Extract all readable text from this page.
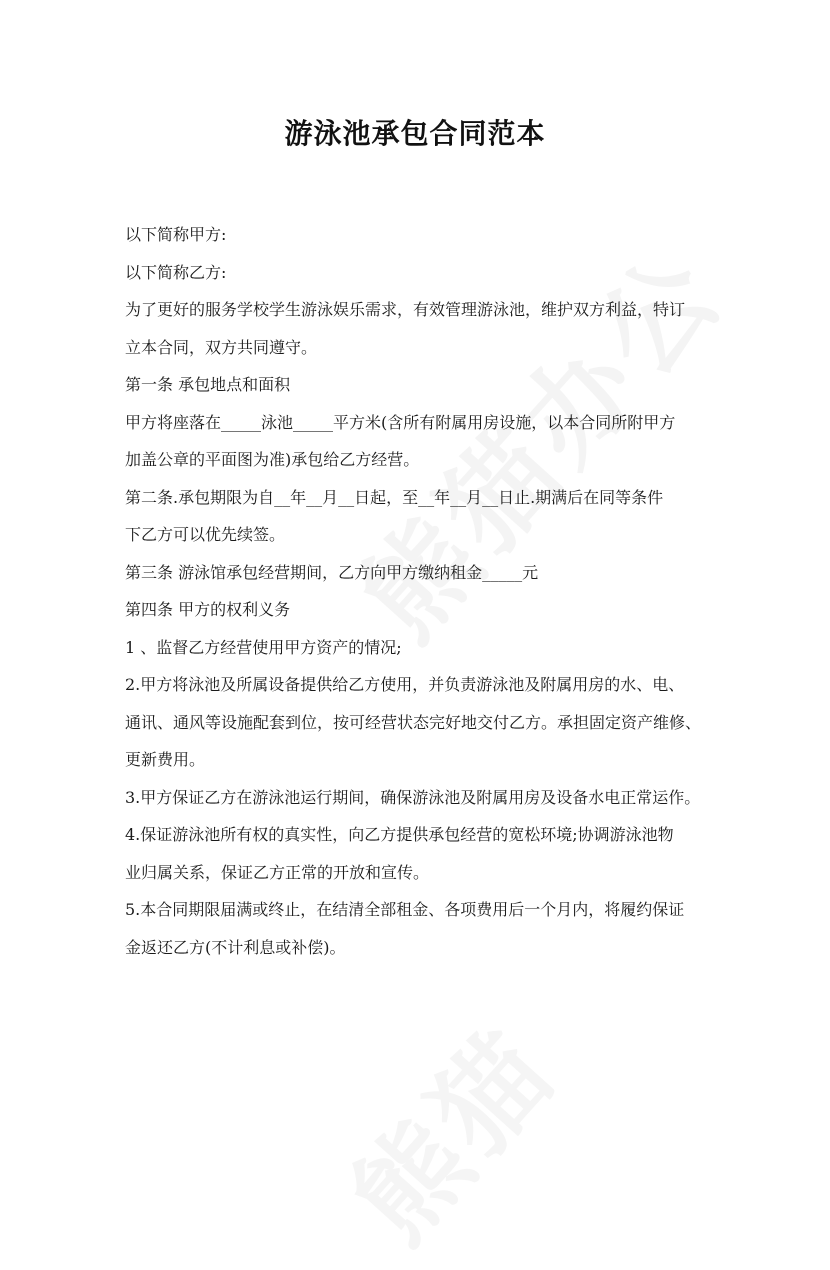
游泳池承包合同范本

以下简称甲方:

以下简称乙方:

为了更好的服务学校学生游泳娱乐需求，有效管理游泳池，维护双方利益，特订

立本合同，双方共同遵守。

第一条 承包地点和面积

甲方将座落在_____泳池_____平方米(含所有附属用房设施，以本合同所附甲方

加盖公章的平面图为准)承包给乙方经营。

第二条.承包期限为自__年__月__日起，至__年__月__日止.期满后在同等条件

下乙方可以优先续签。

第三条 游泳馆承包经营期间，乙方向甲方缴纳租金_____元

第四条 甲方的权利义务

1 、监督乙方经营使用甲方资产的情况;

2.甲方将泳池及所属设备提供给乙方使用，并负责游泳池及附属用房的水、电、

通讯、通风等设施配套到位，按可经营状态完好地交付乙方。承担固定资产维修、

更新费用。

3.甲方保证乙方在游泳池运行期间，确保游泳池及附属用房及设备水电正常运作。

4.保证游泳池所有权的真实性，向乙方提供承包经营的宽松环境;协调游泳池物

业归属关系，保证乙方正常的开放和宣传。

5.本合同期限届满或终止，在结清全部租金、各项费用后一个月内，将履约保证

金返还乙方(不计利息或补偿)。
